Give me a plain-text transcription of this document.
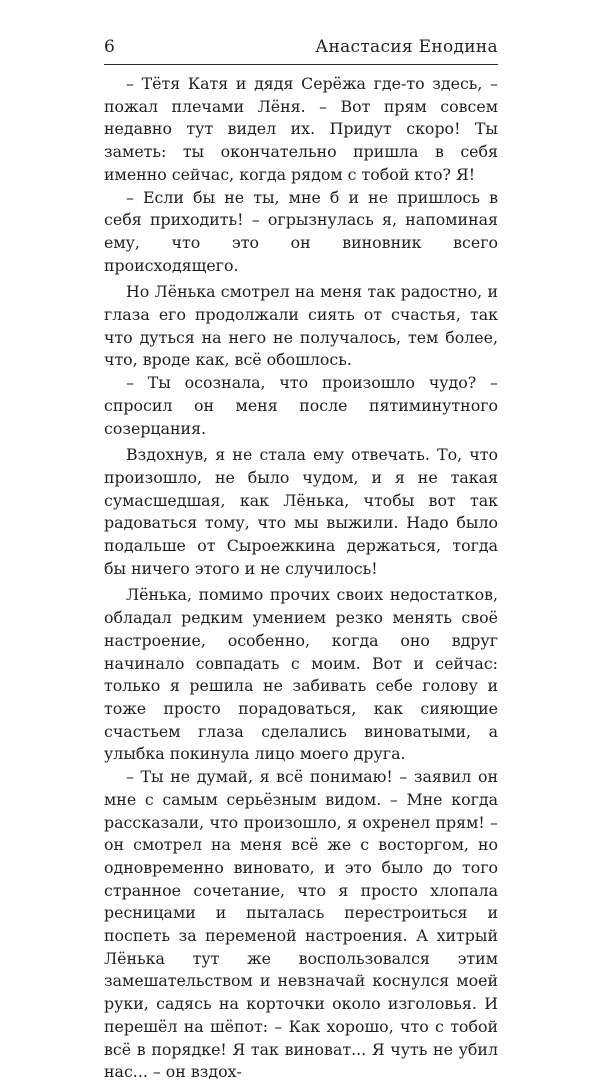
6	Анастасия Енодина

– Тётя Катя и дядя Серёжа где-то здесь, – пожал плечами Лёня. – Вот прям совсем недавно тут видел их. Придут скоро! Ты заметь: ты окончательно пришла в себя именно сейчас, когда рядом с тобой кто? Я!

– Если бы не ты, мне б и не пришлось в себя приходить! – огрызнулась я, напоминая ему, что это он виновник всего происходящего.

Но Лёнька смотрел на меня так радостно, и глаза его продолжали сиять от счастья, так что дуться на него не получалось, тем более, что, вроде как, всё обошлось.

– Ты осознала, что произошло чудо? – спросил он меня после пятиминутного созерцания.

Вздохнув, я не стала ему отвечать. То, что произошло, не было чудом, и я не такая сумасшедшая, как Лёнька, чтобы вот так радоваться тому, что мы выжили. Надо было подальше от Сыроежкина держаться, тогда бы ничего этого и не случилось!

Лёнька, помимо прочих своих недостатков, обладал редким умением резко менять своё настроение, особенно, когда оно вдруг начинало совпадать с моим. Вот и сейчас: только я решила не забивать себе голову и тоже просто порадоваться, как сияющие счастьем глаза сделались виноватыми, а улыбка покинула лицо моего друга.

– Ты не думай, я всё понимаю! – заявил он мне с самым серьёзным видом. – Мне когда рассказали, что произошло, я охренел прям! – он смотрел на меня всё же с восторгом, но одновременно виновато, и это было до того странное сочетание, что я просто хлопала ресницами и пыталась перестроиться и поспеть за переменой настроения. А хитрый Лёнька тут же воспользовался этим замешательством и невзначай коснулся моей руки, садясь на корточки около изголовья. И перешёл на шёпот: – Как хорошо, что с тобой всё в порядке! Я так виноват... Я чуть не убил нас... – он вздох-
